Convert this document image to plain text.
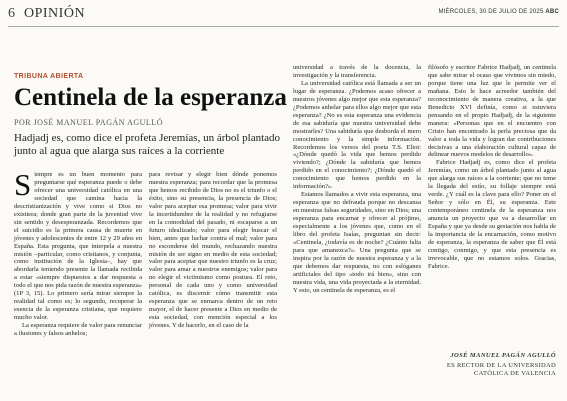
6 OPINIÓN	MIÉRCOLES, 30 DE JULIO DE 2025 ABC
TRIBUNA ABIERTA
Centinela de la esperanza
POR JOSÉ MANUEL PAGÁN AGULLÓ
Hadjadj es, como dice el profeta Jeremías, un árbol plantado junto al agua que alarga sus raíces a la corriente

Siempre es un buen momento para preguntarse qué esperanza puede o debe ofrecer una universidad católica en una sociedad que camina hacia la descristianización y vive como si Dios no existiera; donde gran parte de la juventud vive sin sentido y desesperanzada. Recordemos que el suicidio es la primera causa de muerte en jóvenes y adolescentes de entre 12 y 29 años en España. Esta pregunta, que interpela a nuestra misión –particular, como cristianos, y conjunta, como institución de la Iglesia–, hay que abordarla teniendo presente la llamada recibida a estar «siempre dispuestos a dar respuesta a todo el que nos pida razón de nuestra esperanza» (1P 3, 15). Lo primero sería mirar siempre la realidad tal como es; lo segundo, recuperar la esencia de la esperanza cristiana, que requiere mucho valor.

La esperanza requiere de valor para renunciar a ilusiones y falsos anhelos;

para revisar y elegir bien dónde ponemos nuestra esperanza; para recordar que la promesa que hemos recibido de Dios no es el triunfo o el éxito, sino su presencia, la presencia de Dios; valor para aceptar esa promesa; valor para vivir la incertidumbre de la realidad y no refugiarse en la comodidad del pasado, ni escaparse a un futuro idealizado; valor para elegir buscar el bien, antes que luchar contra el mal; valor para no esconderse del mundo, rechazando nuestra misión de ser signo en medio de esta sociedad; valor para aceptar que nuestro triunfo es la cruz; valor para amar a nuestros enemigos; valor para no elegir el victimismo como postura. El reto, personal de cada uno y como universidad católica, es discernir cómo transmitir esta esperanza que se enmarca dentro de un reto mayor, el de hacer presente a Dios en medio de esta sociedad, con mención especial a los jóvenes. Y de hacerlo, en el caso de la

universidad a través de la docencia, la investigación y la transferencia.

La universidad católica está llamada a ser un lugar de esperanza. ¿Podemos acaso ofrecer a nuestros jóvenes algo mejor que esta esperanza? ¿Podemos anhelar para ellos algo mejor que esta esperanza? ¿No es esta esperanza una evidencia de esa sabiduría que nuestra universidad debe mostrarles? Una sabiduría que desborda el mero conocimiento y la simple información. Recordemos los versos del poeta T.S. Eliot: «¿Dónde quedó la vida que hemos perdido viviendo?; ¿Dónde la sabiduría que hemos perdido en el conocimiento?; ¿Dónde quedó el conocimiento que hemos perdido en la información?».

Estamos llamados a vivir esta esperanza, una esperanza que no defrauda porque no descansa en nuestras falsas seguridades, sino en Dios; una esperanza para encarnar y ofrecer al prójimo, especialmente a los jóvenes que, como en el libro del profeta Isaías, preguntan sin decir: «Centinela, ¿todavía es de noche? ¿Cuánto falta para que amanezca?». Una pregunta que se inspira por la razón de nuestra esperanza y a la que debemos dar respuesta, no con eslóganes artificiales del tipo «todo irá bien», sino con nuestra vida, una vida proyectada a la eternidad. Y esto, un centinela de esperanza, es el

filósofo y escritor Fabrice Hadjadj, un centinela que sabe mirar el ocaso que vivimos sin miedo, porque tiene una luz que le permite ver el mañana. Esto le hace acreedor también del reconocimiento de manera creativa, a la que Benedicto XVI definía, como si estuviera pensando en el propio Hadjadj, de la siguiente manera: «Personas que en el encuentro con Cristo han encontrado la perla preciosa que da valor a toda la vida y logran dar contribuciones decisivas a una elaboración cultural capaz de delinear nuevos modelos de desarrollo».

Fabrice Hadjadj es, como dice el profeta Jeremías, como un árbol plantado junto al agua que alarga sus raíces a la corriente; que no teme la llegada del estío, su follaje siempre está verde. ¿Y cuál es la clave para ello? Poner en el Señor y sólo en Él, su esperanza. Este contemporáneo centinela de la esperanza nos anuncia un proyecto que va a desarrollar en España y que ya desde su gestación nos habla de la importancia de la encarnación, como motivo de esperanza, la esperanza de saber que Él está contigo, conmigo, y que esta presencia es irrevocable, que no estamos solos. Gracias, Fabrice.

JOSÉ MANUEL PAGÁN AGULLÓ
ES RECTOR DE LA UNIVERSIDAD CATÓLICA DE VALENCIA
